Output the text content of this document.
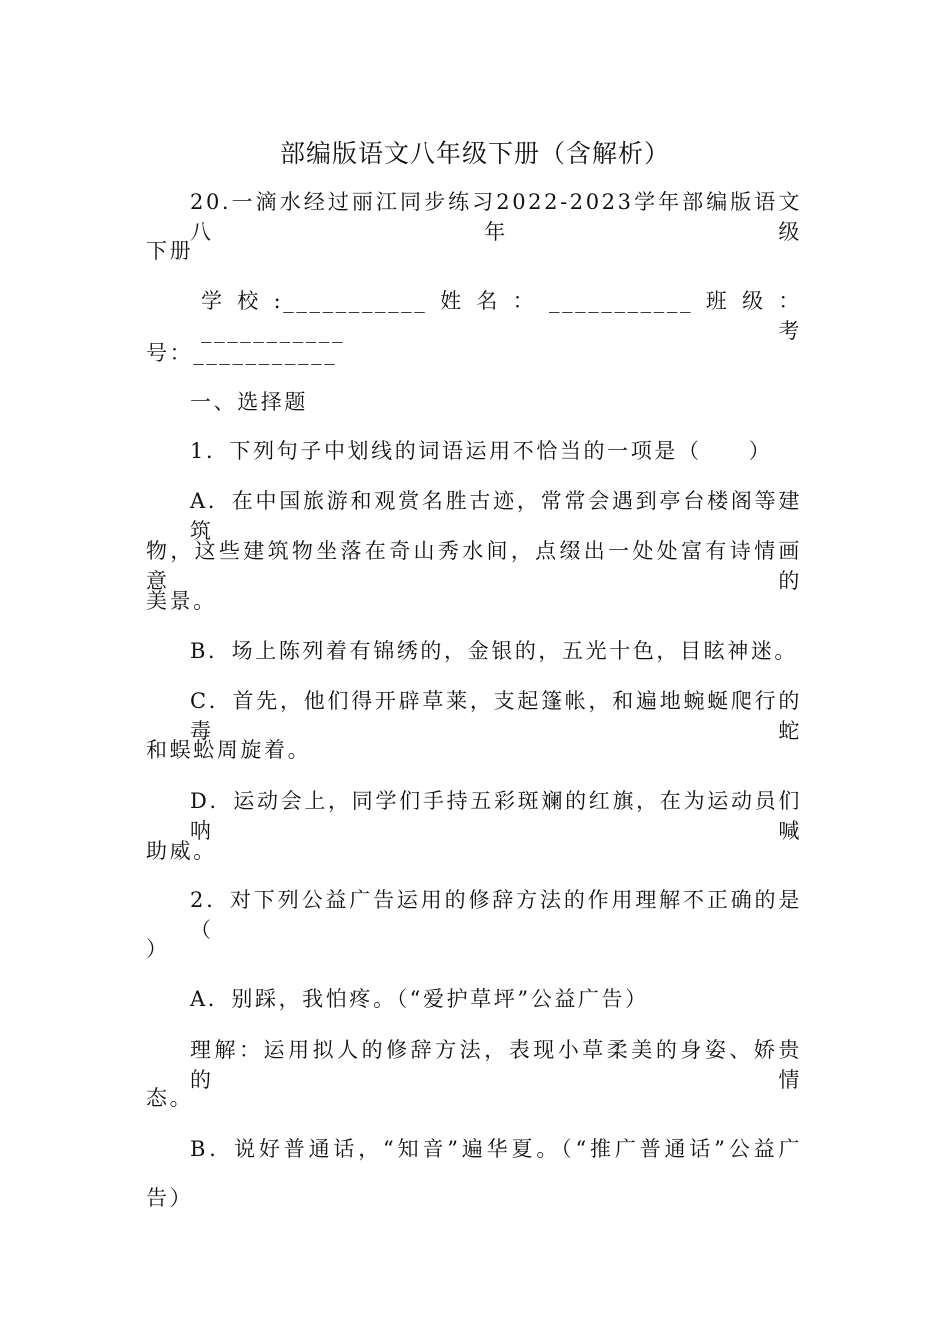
部编版语文八年级下册（含解析）
20.一滴水经过丽江同步练习2022-2023学年部编版语文八年级
下册
学校:___________姓名：___________班级：___________考
号：___________
一、选择题
1．下列句子中划线的词语运用不恰当的一项是（　　）
A．在中国旅游和观赏名胜古迹，常常会遇到亭台楼阁等建筑
物，这些建筑物坐落在奇山秀水间，点缀出一处处富有诗情画意的
美景。
B．场上陈列着有锦绣的，金银的，五光十色，目眩神迷。
C．首先，他们得开辟草莱，支起篷帐，和遍地蜿蜒爬行的毒蛇
和蜈蚣周旋着。
D．运动会上，同学们手持五彩斑斓的红旗，在为运动员们呐喊
助威。
2．对下列公益广告运用的修辞方法的作用理解不正确的是（
）
A．别踩，我怕疼。（“爱护草坪”公益广告）
理解：运用拟人的修辞方法，表现小草柔美的身姿、娇贵的情
态。
B．说好普通话，“知音”遍华夏。（“推广普通话”公益广
告）
